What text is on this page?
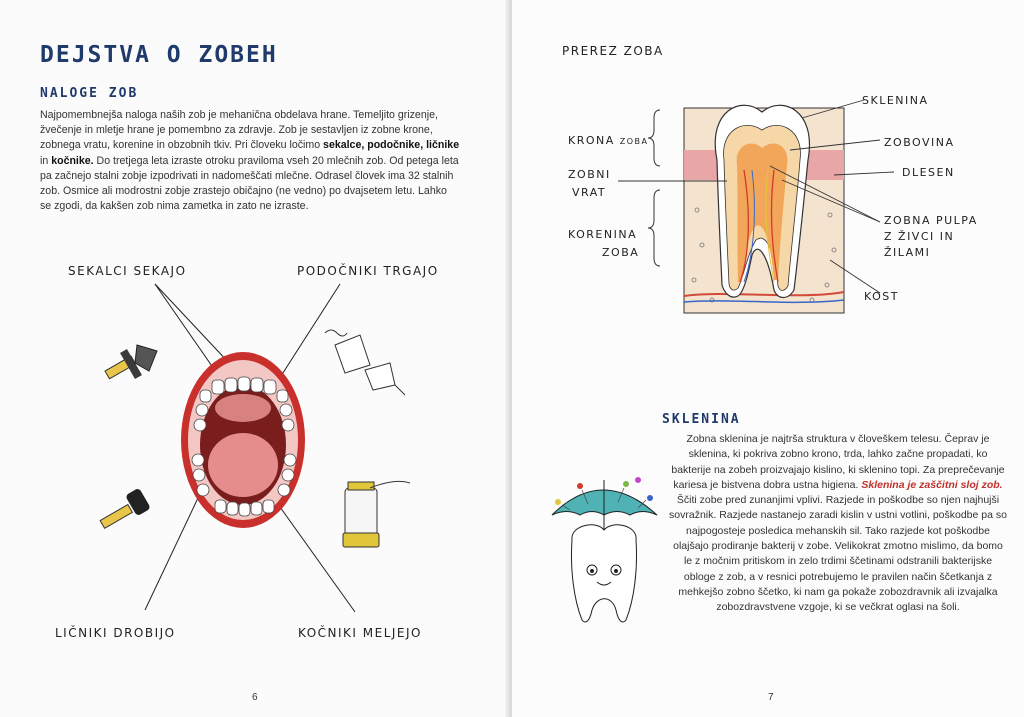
DEJSTVA O ZOBEH
NALOGE ZOB
Najpomembnejša naloga naših zob je mehanična obdelava hrane. Temeljito grizenje, žvečenje in mletje hrane je pomembno za zdravje. Zob je sestavljen iz zobne krone, zobnega vratu, korenine in obzobnih tkiv. Pri človeku ločimo sekalce, podočnike, ličnike in kočnike. Do tretjega leta izraste otroku praviloma vseh 20 mlečnih zob. Od petega leta pa začnejo stalni zobje izpodrivati in nadomeščati mlečne. Odrasel človek ima 32 stalnih zob. Osmice ali modrostni zobje zrastejo običajno (ne vedno) po dvajsetem letu. Lahko se zgodi, da kakšen zob nima zametka in zato ne izraste.
SEKALCI SEKAJO	PODOČNIKI TRGAJO
LIČNIKI DROBIJO	KOČNIKI MELJEJO
6
PREREZ ZOBA
SKLENINA
KRONA ZOBA	ZOBOVINA
ZOBNI
VRAT
DLESEN
ZOBNA PULPA
Z ŽIVCI IN
ŽILAMI
KORENINA
ZOBA
KOST
SKLENINA
Zobna sklenina je najtrša struktura v človeškem telesu. Čeprav je sklenina, ki pokriva zobno krono, trda, lahko začne propadati, ko bakterije na zobeh proizvajajo kislino, ki sklenino topi. Za preprečevanje kariesa je bistvena dobra ustna higiena. Sklenina je zaščitni sloj zob. Ščiti zobe pred zunanjimi vplivi. Razjede in poškodbe so njen najhujši sovražnik. Razjede nastanejo zaradi kislin v ustni votlini, poškodbe pa so najpogosteje posledica mehanskih sil. Tako razjede kot poškodbe olajšajo prodiranje bakterij v zobe. Velikokrat zmotno mislimo, da bomo le z močnim pritiskom in zelo trdimi ščetinami odstranili bakterijske obloge z zob, a v resnici potrebujemo le pravilen način ščetkanja z mehkejšo zobno ščetko, ki nam ga pokaže zobozdravnik ali izvajalka zobozdravstvene vzgoje, ki se večkrat oglasi na šoli.
7
